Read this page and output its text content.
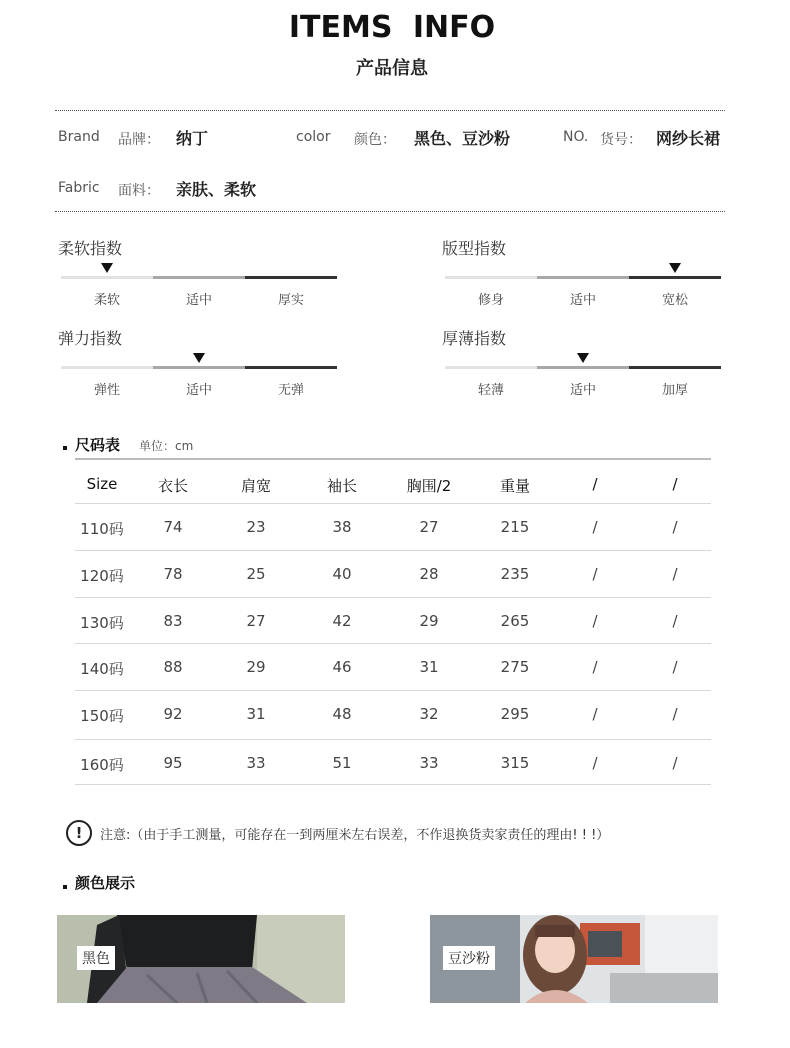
ITEMS INFO
产品信息
Brand 品牌： 纳丁	color 颜色： 黑色、豆沙粉	NO. 货号： 网纱长裙
Fabric 面料： 亲肤、柔软
柔软指数
柔软	适中	厚实
版型指数
修身	适中	宽松
弹力指数
弹性	适中	无弹
厚薄指数
轻薄	适中	加厚
尺码表 单位：cm
Size	衣长	肩宽	袖长	胸围/2	重量	/	/
110码	74	23	38	27	215	/	/
120码	78	25	40	28	235	/	/
130码	83	27	42	29	265	/	/
140码	88	29	46	31	275	/	/
150码	92	31	48	32	295	/	/
160码	95	33	51	33	315	/	/
!	注意:（由于手工测量，可能存在一到两厘米左右误差，不作退换货卖家责任的理由! ! !）
颜色展示
黑色	豆沙粉
